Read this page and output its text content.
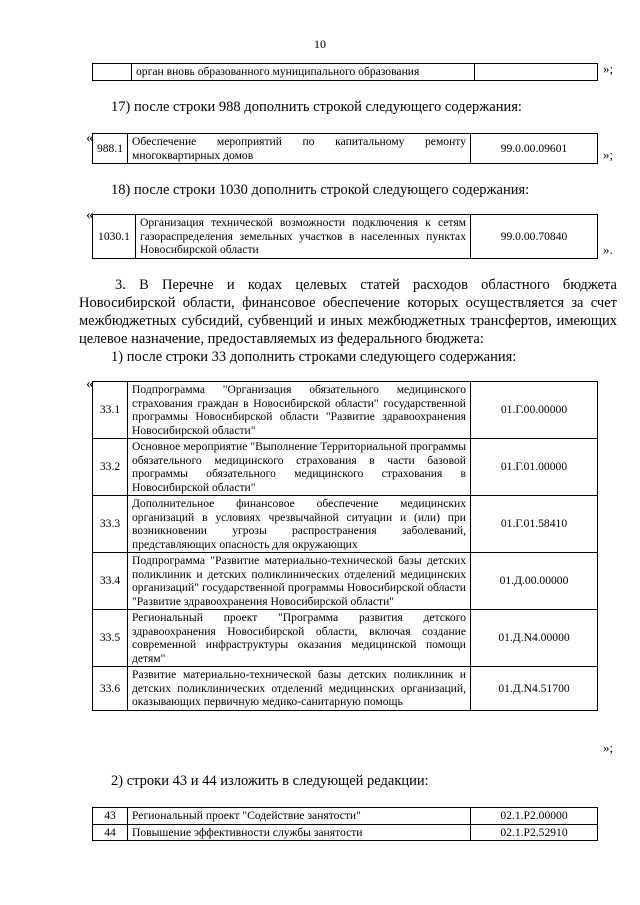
10
	орган вновь образованного муниципального образования		»;
17) после строки 988 дополнить строкой следующего содержания:
«
988.1	Обеспечение мероприятий по капитальному ремонту многоквартирных домов	99.0.00.09601	»;
18) после строки 1030 дополнить строкой следующего содержания:
«
1030.1	Организация технической возможности подключения к сетям газораспределения земельных участков в населенных пунктах Новосибирской области	99.0.00.70840
».
3. В Перечне и кодах целевых статей расходов областного бюджета Новосибирской области, финансовое обеспечение которых осуществляется за счет межбюджетных субсидий, субвенций и иных межбюджетных трансфертов, имеющих целевое назначение, предоставляемых из федерального бюджета:
1) после строки 33 дополнить строками следующего содержания:
«
33.1	Подпрограмма "Организация обязательного медицинского страхования граждан в Новосибирской области" государственной программы Новосибирской области "Развитие здравоохранения Новосибирской области"	01.Г.00.00000
33.2	Основное мероприятие "Выполнение Территориальной программы обязательного медицинского страхования в части базовой программы обязательного медицинского страхования в Новосибирской области"	01.Г.01.00000
33.3	Дополнительное финансовое обеспечение медицинских организаций в условиях чрезвычайной ситуации и (или) при возникновении угрозы распространения заболеваний, представляющих опасность для окружающих	01.Г.01.58410
33.4	Подпрограмма "Развитие материально-технической базы детских поликлиник и детских поликлинических отделений медицинских организаций" государственной программы Новосибирской области "Развитие здравоохранения Новосибирской области"	01.Д.00.00000
33.5	Региональный проект "Программа развития детского здравоохранения Новосибирской области, включая создание современной инфраструктуры оказания медицинской помощи детям"	01.Д.N4.00000
33.6	Развитие материально-технической базы детских поликлиник и детских поликлинических отделений медицинских организаций, оказывающих первичную медико-санитарную помощь	01.Д.N4.51700
»;
2) строки 43 и 44 изложить в следующей редакции:
43	Региональный проект "Содействие занятости"	02.1.P2.00000
44	Повышение эффективности службы занятости	02.1.P2.52910
